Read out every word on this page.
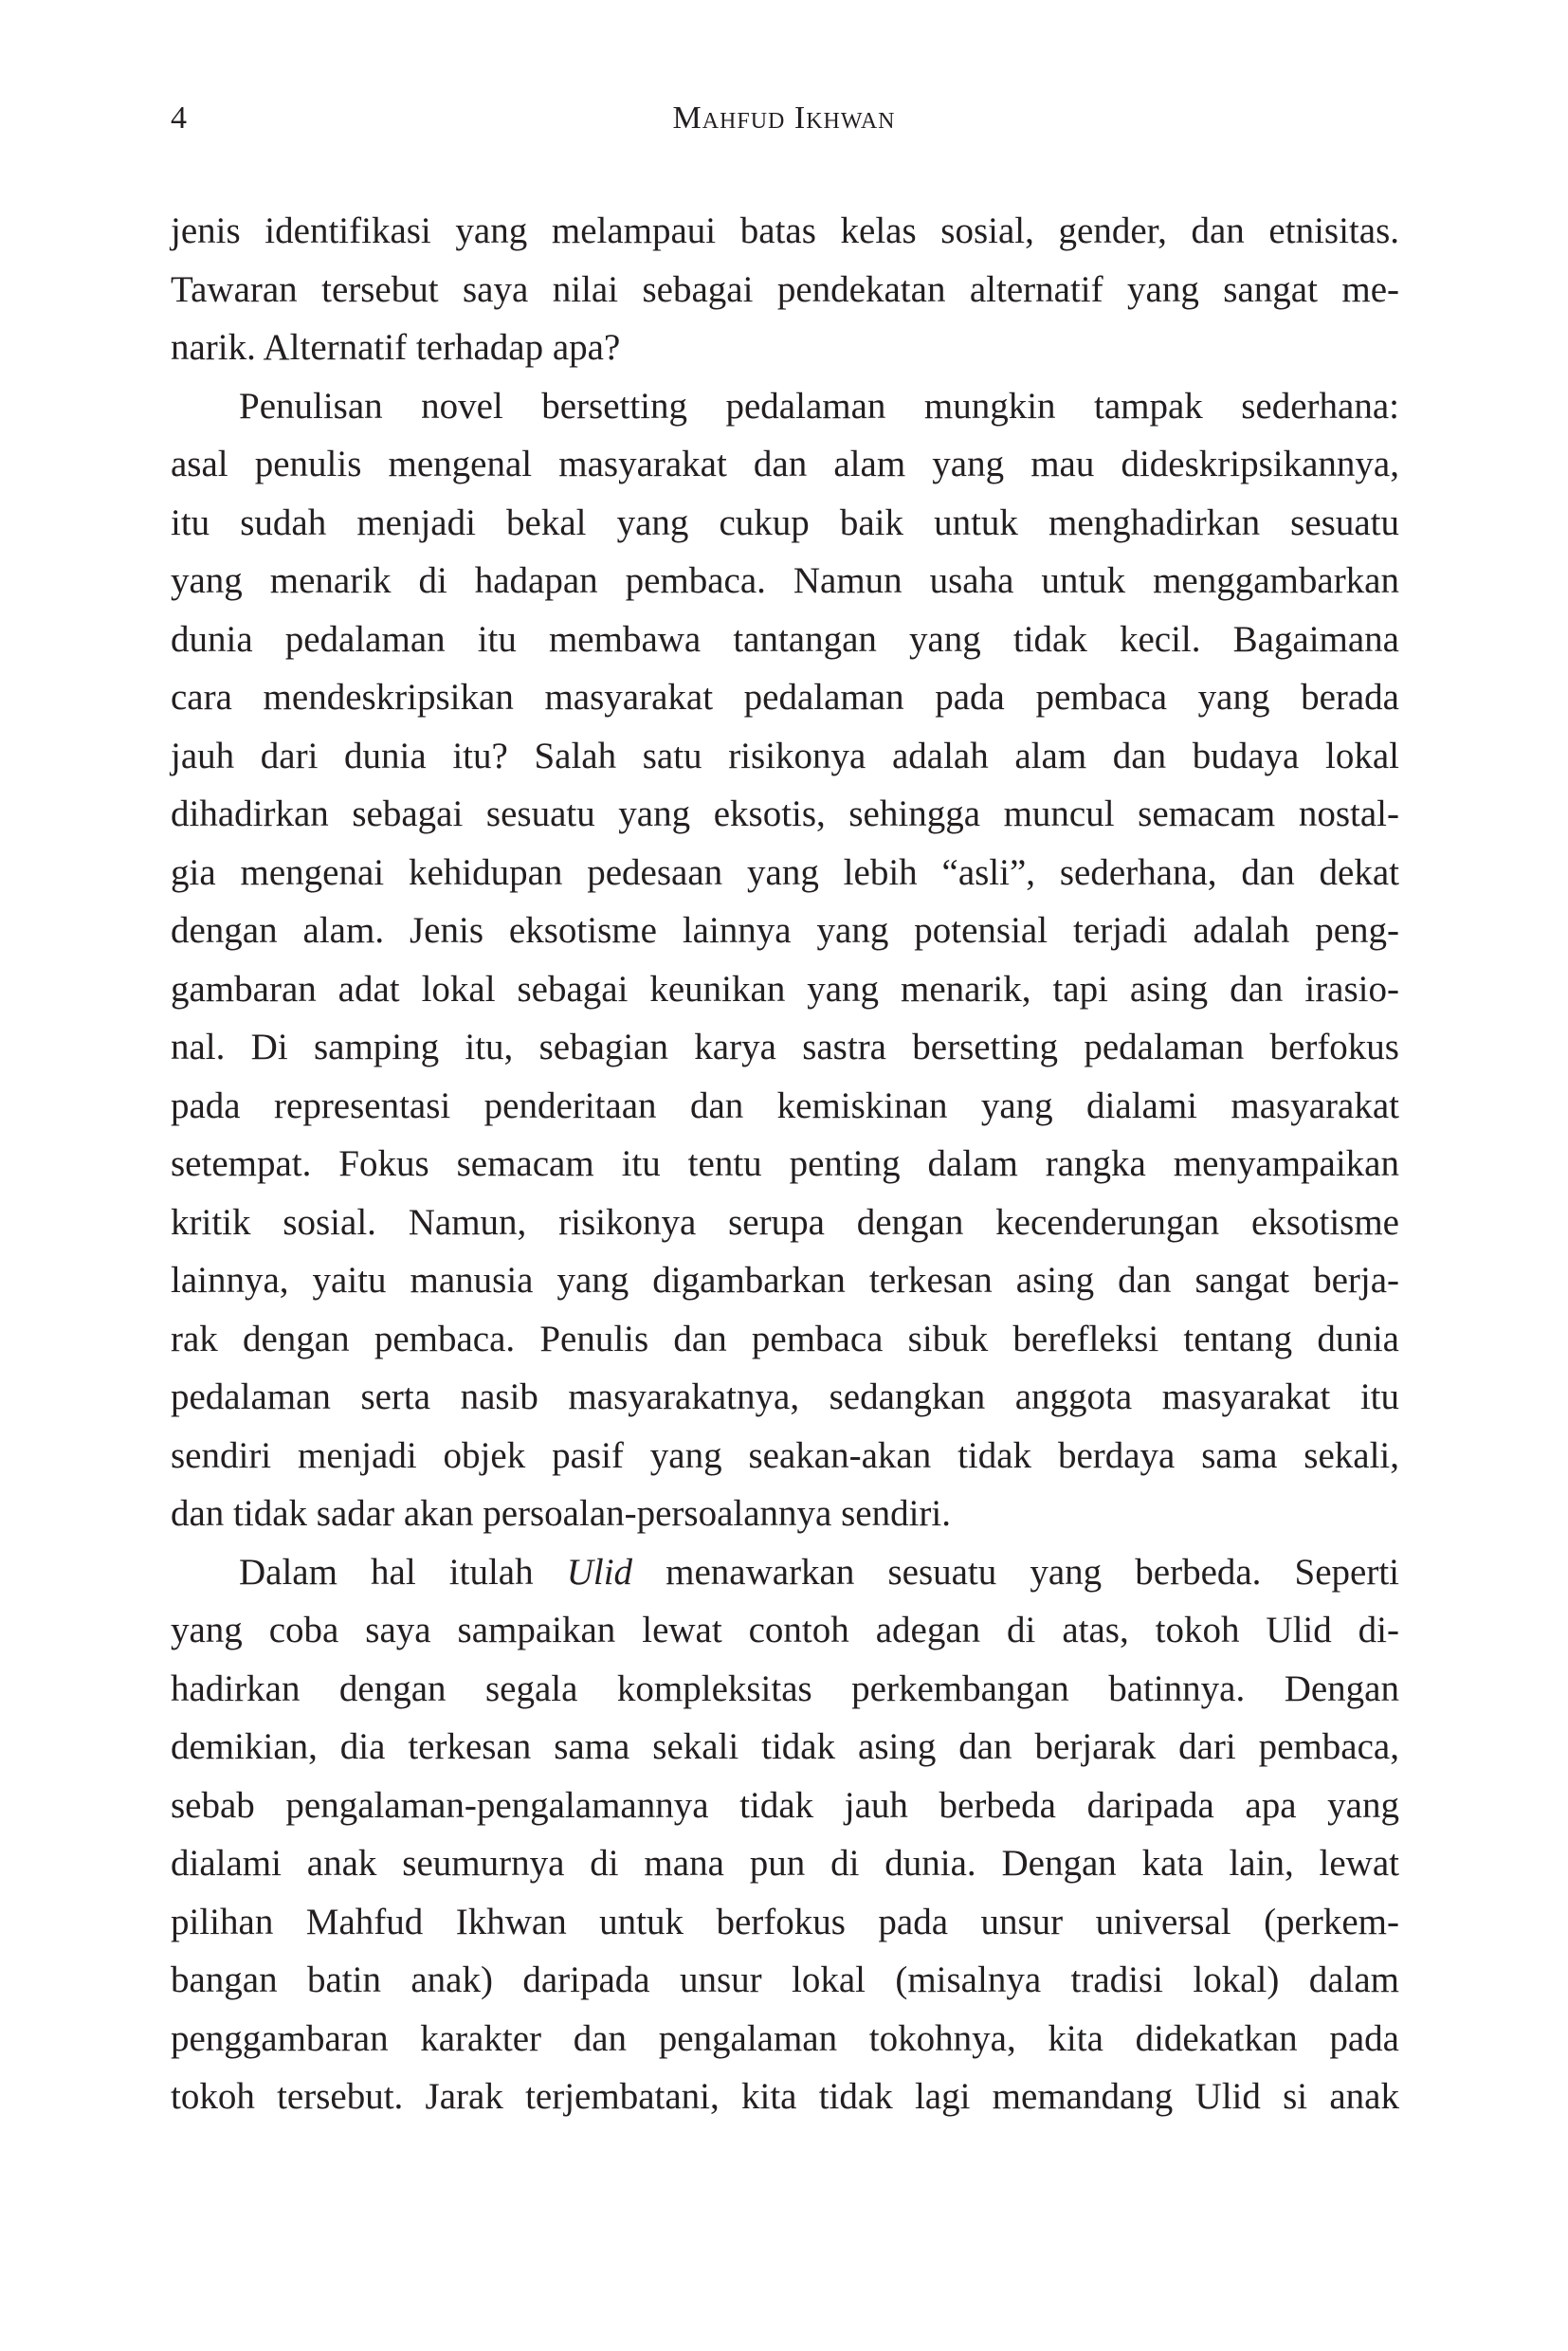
4	Mahfud Ikhwan

jenis identifikasi yang melampaui batas kelas sosial, gender, dan etnisitas.
Tawaran tersebut saya nilai sebagai pendekatan alternatif yang sangat me-
narik. Alternatif terhadap apa?

Penulisan novel bersetting pedalaman mungkin tampak sederhana:
asal penulis mengenal masyarakat dan alam yang mau dideskripsikannya,
itu sudah menjadi bekal yang cukup baik untuk menghadirkan sesuatu
yang menarik di hadapan pembaca. Namun usaha untuk menggambarkan
dunia pedalaman itu membawa tantangan yang tidak kecil. Bagaimana
cara mendeskripsikan masyarakat pedalaman pada pembaca yang berada
jauh dari dunia itu? Salah satu risikonya adalah alam dan budaya lokal
dihadirkan sebagai sesuatu yang eksotis, sehingga muncul semacam nostal-
gia mengenai kehidupan pedesaan yang lebih “asli”, sederhana, dan dekat
dengan alam. Jenis eksotisme lainnya yang potensial terjadi adalah peng-
gambaran adat lokal sebagai keunikan yang menarik, tapi asing dan irasio-
nal. Di samping itu, sebagian karya sastra bersetting pedalaman berfokus
pada representasi penderitaan dan kemiskinan yang dialami masyarakat
setempat. Fokus semacam itu tentu penting dalam rangka menyampaikan
kritik sosial. Namun, risikonya serupa dengan kecenderungan eksotisme
lainnya, yaitu manusia yang digambarkan terkesan asing dan sangat berja-
rak dengan pembaca. Penulis dan pembaca sibuk berefleksi tentang dunia
pedalaman serta nasib masyarakatnya, sedangkan anggota masyarakat itu
sendiri menjadi objek pasif yang seakan-akan tidak berdaya sama sekali,
dan tidak sadar akan persoalan-persoalannya sendiri.

Dalam hal itulah Ulid menawarkan sesuatu yang berbeda. Seperti
yang coba saya sampaikan lewat contoh adegan di atas, tokoh Ulid di-
hadirkan dengan segala kompleksitas perkembangan batinnya. Dengan
demikian, dia terkesan sama sekali tidak asing dan berjarak dari pembaca,
sebab pengalaman-pengalamannya tidak jauh berbeda daripada apa yang
dialami anak seumurnya di mana pun di dunia. Dengan kata lain, lewat
pilihan Mahfud Ikhwan untuk berfokus pada unsur universal (perkem-
bangan batin anak) daripada unsur lokal (misalnya tradisi lokal) dalam
penggambaran karakter dan pengalaman tokohnya, kita didekatkan pada
tokoh tersebut. Jarak terjembatani, kita tidak lagi memandang Ulid si anak
